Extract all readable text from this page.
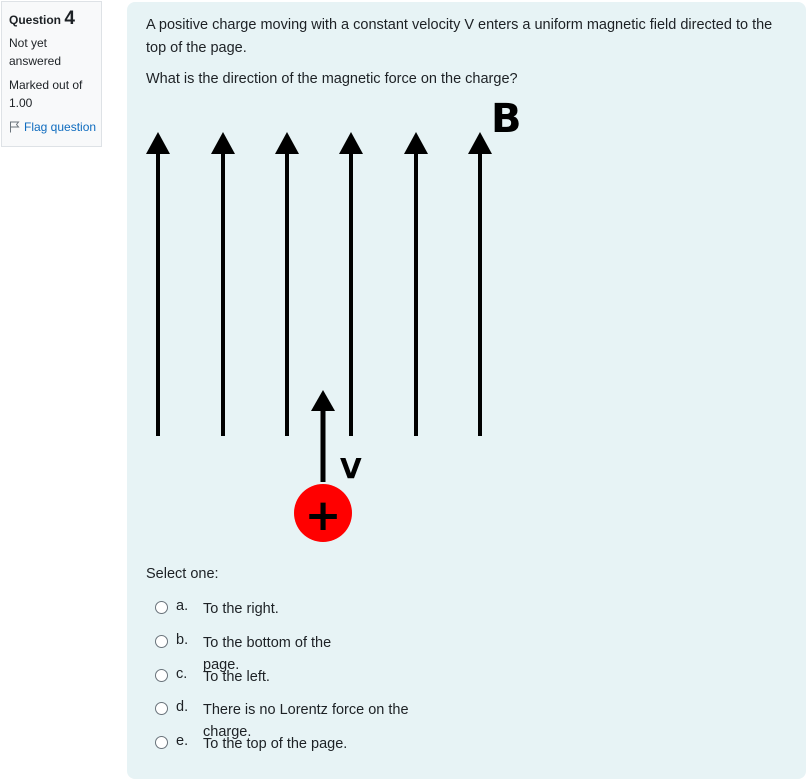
Question 4
Not yet answered
Marked out of 1.00
Flag question

A positive charge moving with a constant velocity V enters a uniform magnetic field directed to the top of the page.

What is the direction of the magnetic force on the charge?

B
V
+
Select one:
a. To the right.
b. To the bottom of the page.
c. To the left.
d. There is no Lorentz force on the charge.
e. To the top of the page.
